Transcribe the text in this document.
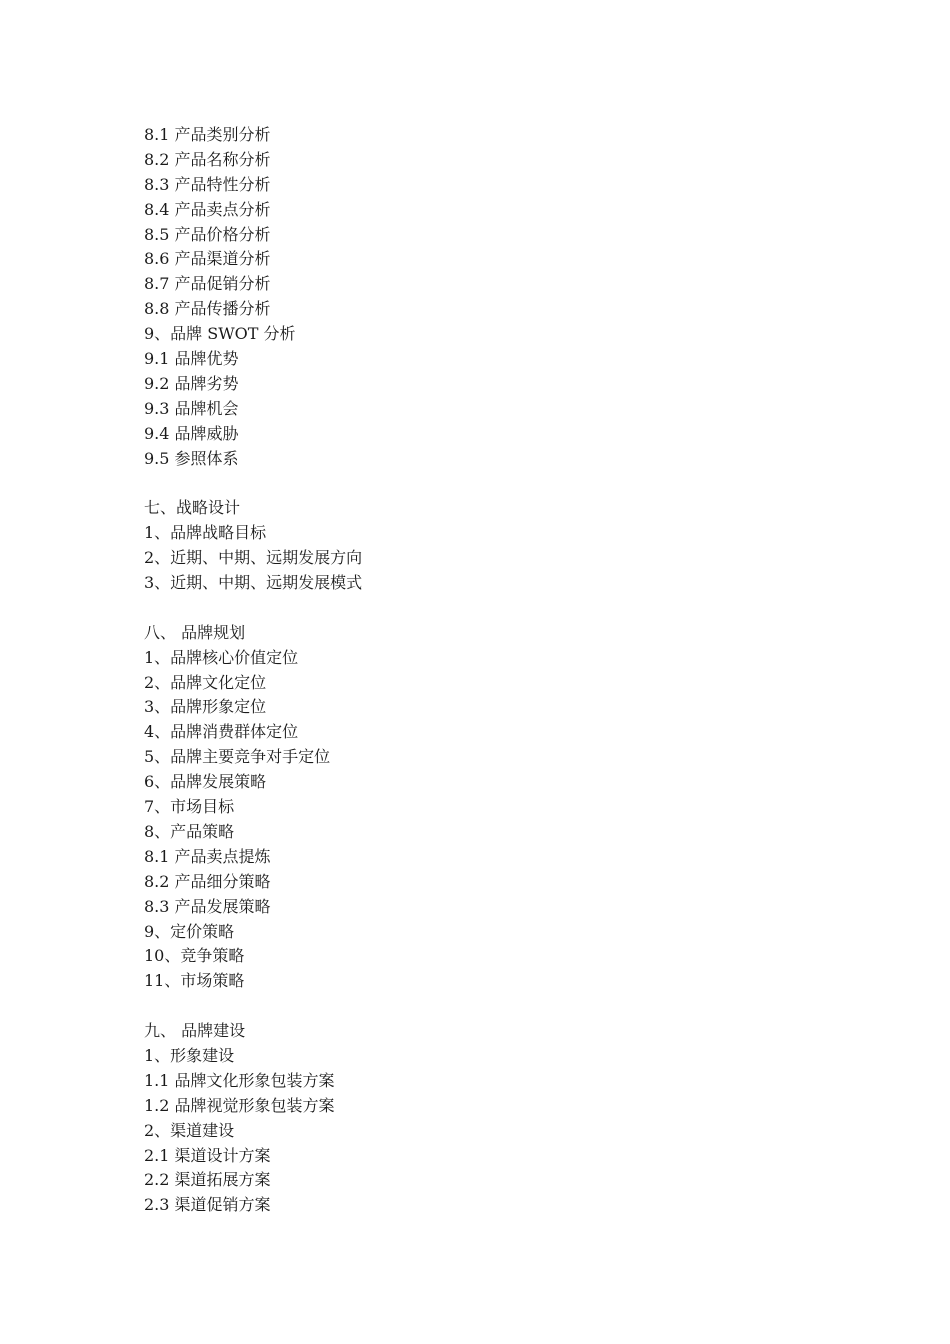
8.1 产品类别分析
8.2 产品名称分析
8.3 产品特性分析
8.4 产品卖点分析
8.5 产品价格分析
8.6 产品渠道分析
8.7 产品促销分析
8.8 产品传播分析
9、品牌 SWOT 分析
9.1 品牌优势
9.2 品牌劣势
9.3 品牌机会
9.4 品牌威胁
9.5 参照体系
七、战略设计
1、品牌战略目标
2、近期、中期、远期发展方向
3、近期、中期、远期发展模式
八、 品牌规划
1、品牌核心价值定位
2、品牌文化定位
3、品牌形象定位
4、品牌消费群体定位
5、品牌主要竞争对手定位
6、品牌发展策略
7、市场目标
8、产品策略
8.1 产品卖点提炼
8.2 产品细分策略
8.3 产品发展策略
9、定价策略
10、竞争策略
11、市场策略
九、 品牌建设
1、形象建设
1.1 品牌文化形象包装方案
1.2 品牌视觉形象包装方案
2、渠道建设
2.1 渠道设计方案
2.2 渠道拓展方案
2.3 渠道促销方案
